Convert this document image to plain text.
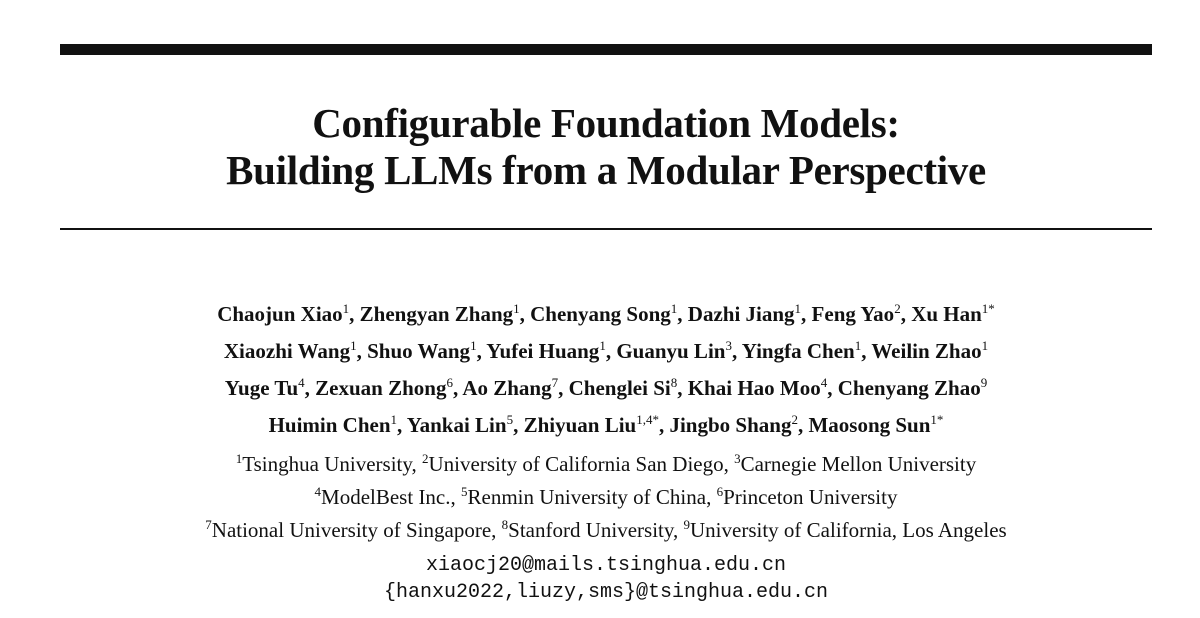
Configurable Foundation Models:
Building LLMs from a Modular Perspective
Chaojun Xiao$^1$, Zhengyan Zhang$^1$, Chenyang Song$^1$, Dazhi Jiang$^1$, Feng Yao$^2$, Xu Han$^{1*}$
Xiaozhi Wang$^1$, Shuo Wang$^1$, Yufei Huang$^1$, Guanyu Lin$^3$, Yingfa Chen$^1$, Weilin Zhao$^1$
Yuge Tu$^4$, Zexuan Zhong$^6$, Ao Zhang$^7$, Chenglei Si$^8$, Khai Hao Moo$^4$, Chenyang Zhao$^9$
Huimin Chen$^1$, Yankai Lin$^5$, Zhiyuan Liu$^{1,4*}$, Jingbo Shang$^2$, Maosong Sun$^{1*}$
$^1$Tsinghua University, $^2$University of California San Diego, $^3$Carnegie Mellon University
$^4$ModelBest Inc., $^5$Renmin University of China, $^6$Princeton University
$^7$National University of Singapore, $^8$Stanford University, $^9$University of California, Los Angeles
xiaocj20@mails.tsinghua.edu.cn
{hanxu2022,liuzy,sms}@tsinghua.edu.cn
